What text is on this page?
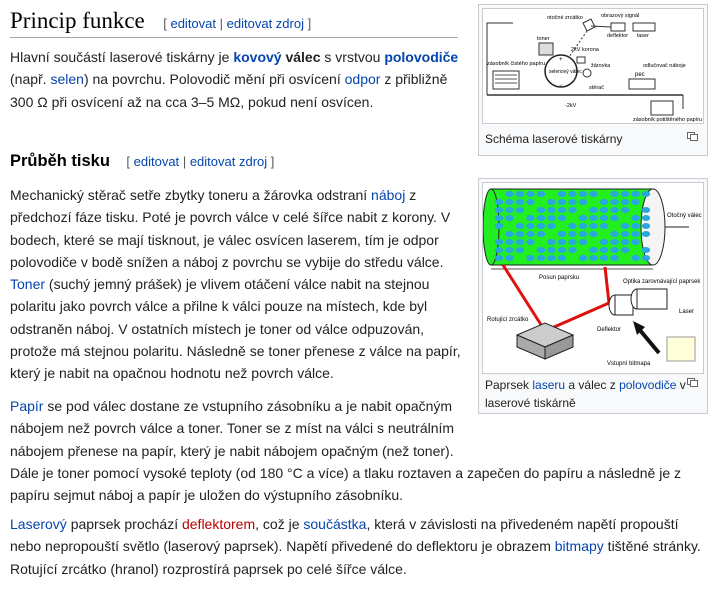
Princip funkce [ editovat | editovat zdroj ]

Hlavní součástí laserové tiskárny je kovový válec s vrstvou polovodiče (např. selen) na povrchu. Polovodič mění při osvícení odpor z přibližně 300 Ω při osvícení až na cca 3–5 MΩ, pokud není osvícen.

Průběh tisku [ editovat | editovat zdroj ]

Mechanický stěrač setře zbytky toneru a žárovka odstraní náboj z předchozí fáze tisku. Poté je povrch válce v celé šířce nabit z korony. V bodech, které se mají tisknout, je válec osvícen laserem, tím je odpor polovodiče v bodě snížen a náboj z povrchu se vybije do středu válce. Toner (suchý jemný prášek) je vlivem otáčení válce nabit na stejnou polaritu jako povrch válce a přilne k válci pouze na místech, kde byl odstraněn náboj. V ostatních místech je toner od válce odpuzován, protože má stejnou polaritu. Následně se toner přenese z válce na papír, který je nabit na opačnou hodnotu než povrch válce.

Papír se pod válec dostane ze vstupního zásobníku a je nabit opačným nábojem než povrch válce a toner. Toner se z míst na válci s neutrálním nábojem přenese na papír, který je nabit nábojem opačným (než toner). Dále je toner pomocí vysoké teploty (od 180 °C a více) a tlaku roztaven a zapečen do papíru a následně je z papíru sejmut náboj a papír je uložen do výstupního zásobníku.

Laserový paprsek prochází deflektorem, což je součástka, která v závislosti na přivedeném napětí propouští nebo nepropouští světlo (laserový paprsek). Napětí přivedené do deflektoru je obrazem bitmapy tištěné stránky. Rotující zrcátko (hranol) rozprostírá paprsek po celé šířce válce.

pec
otočné zrcátko	obrazový signál
deflektor laser
toner
2kV korona
žárovka
zásobník čistého papíru
selenový válec
stěrač
odlučovač náboje
-2kV
zásobník potištěného papíru
+
−
Schéma laserové tiskárny
Otočný válec
Posun paprsku
Optika zarovnávající paprsek
Rotující zrcátko
Deflektor
Laser
Vstupní bitmapa
Paprsek laseru a válec z polovodiče v laserové tiskárně
